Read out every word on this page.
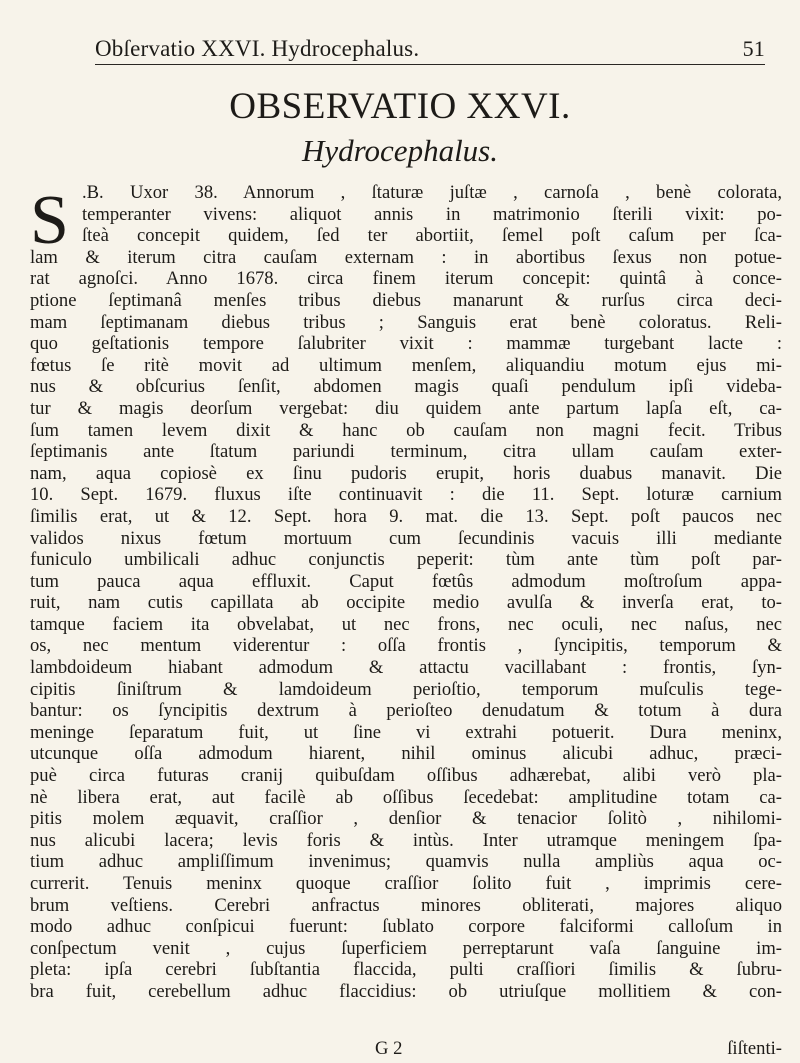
Obſervatio XXVI. Hydrocephalus.	51
OBSERVATIO XXVI.
Hydrocephalus.
S .B. Uxor 38. Annorum , ſtaturæ juſtæ , carnoſa , benè colorata,
temperanter vivens: aliquot annis in matrimonio ſterili vixit: po-
ſteà concepit quidem, ſed ter abortiit, ſemel poſt caſum per ſca-
lam & iterum citra cauſam externam : in abortibus ſexus non potue-
rat agnoſci. Anno 1678. circa finem iterum concepit: quintâ à conce-
ptione ſeptimanâ menſes tribus diebus manarunt & rurſus circa deci-
mam ſeptimanam diebus tribus ; Sanguis erat benè coloratus. Reli-
quo geſtationis tempore ſalubriter vixit : mammæ turgebant lacte :
fœtus ſe ritè movit ad ultimum menſem, aliquandiu motum ejus mi-
nus & obſcurius ſenſit, abdomen magis quaſi pendulum ipſi videba-
tur & magis deorſum vergebat: diu quidem ante partum lapſa eſt, ca-
ſum tamen levem dixit & hanc ob cauſam non magni fecit. Tribus
ſeptimanis ante ſtatum pariundi terminum, citra ullam cauſam exter-
nam, aqua copiosè ex ſinu pudoris erupit, horis duabus manavit. Die
10. Sept. 1679. fluxus iſte continuavit : die 11. Sept. loturæ carnium
ſimilis erat, ut & 12. Sept. hora 9. mat. die 13. Sept. poſt paucos nec
validos nixus fœtum mortuum cum ſecundinis vacuis illi mediante
funiculo umbilicali adhuc conjunctis peperit: tùm ante tùm poſt par-
tum pauca aqua effluxit. Caput fœtûs admodum moſtroſum appa-
ruit, nam cutis capillata ab occipite medio avulſa & inverſa erat, to-
tamque faciem ita obvelabat, ut nec frons, nec oculi, nec naſus, nec
os, nec mentum viderentur : oſſa frontis , ſyncipitis, temporum &
lambdoideum hiabant admodum & attactu vacillabant : frontis, ſyn-
cipitis ſiniſtrum & lamdoideum perioſtio, temporum muſculis tege-
bantur: os ſyncipitis dextrum à perioſteo denudatum & totum à dura
meninge ſeparatum fuit, ut ſine vi extrahi potuerit. Dura meninx,
utcunque oſſa admodum hiarent, nihil ominus alicubi adhuc, præci-
puè circa futuras cranij quibuſdam oſſibus adhærebat, alibi verò pla-
nè libera erat, aut facilè ab oſſibus ſecedebat: amplitudine totam ca-
pitis molem æquavit, craſſior , denſior & tenacior ſolitò , nihilomi-
nus alicubi lacera; levis foris & intùs. Inter utramque meningem ſpa-
tium adhuc ampliſſimum invenimus; quamvis nulla ampliùs aqua oc-
currerit. Tenuis meninx quoque craſſior ſolito fuit , imprimis cere-
brum veſtiens. Cerebri anfractus minores obliterati, majores aliquo
modo adhuc conſpicui fuerunt: ſublato corpore falciformi calloſum in
conſpectum venit , cujus ſuperficiem perreptarunt vaſa ſanguine im-
pleta: ipſa cerebri ſubſtantia flaccida, pulti craſſiori ſimilis & ſubru-
bra fuit, cerebellum adhuc flaccidius: ob utriuſque mollitiem & con-
G 2	ſiſtenti-
